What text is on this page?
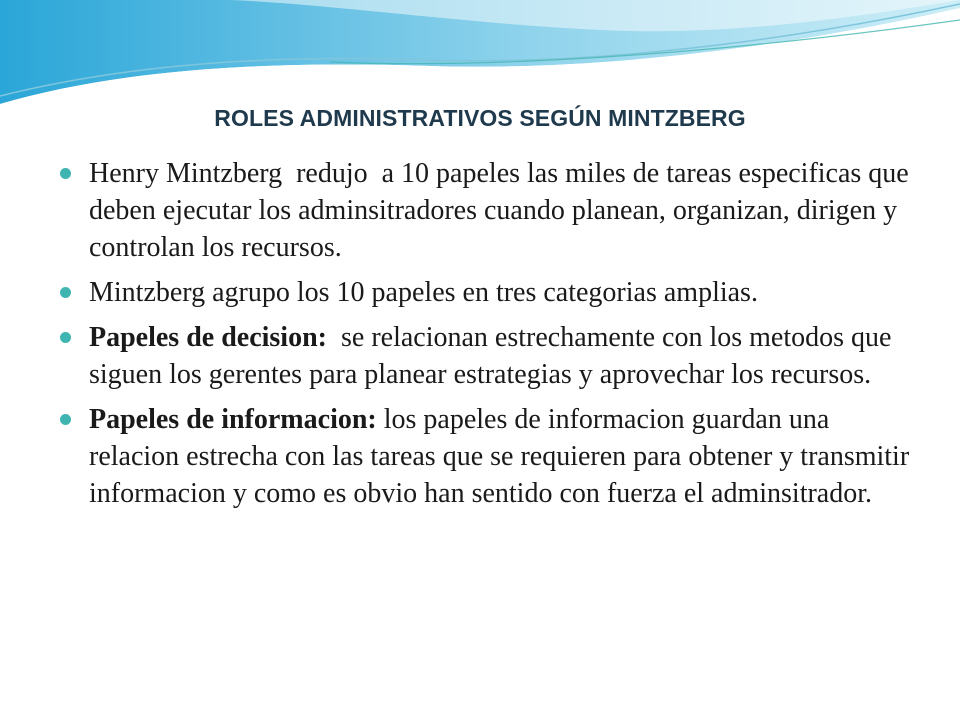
ROLES ADMINISTRATIVOS SEGÚN MINTZBERG
Henry Mintzberg  redujo  a 10 papeles las miles de tareas especificas que deben ejecutar los adminsitradores cuando planean, organizan, dirigen y controlan los recursos.
Mintzberg agrupo los 10 papeles en tres categorias amplias.
Papeles de decision:  se relacionan estrechamente con los metodos que siguen los gerentes para planear estrategias y aprovechar los recursos.
Papeles de informacion: los papeles de informacion guardan una relacion estrecha con las tareas que se requieren para obtener y transmitir informacion y como es obvio han sentido con fuerza el adminsitrador.
